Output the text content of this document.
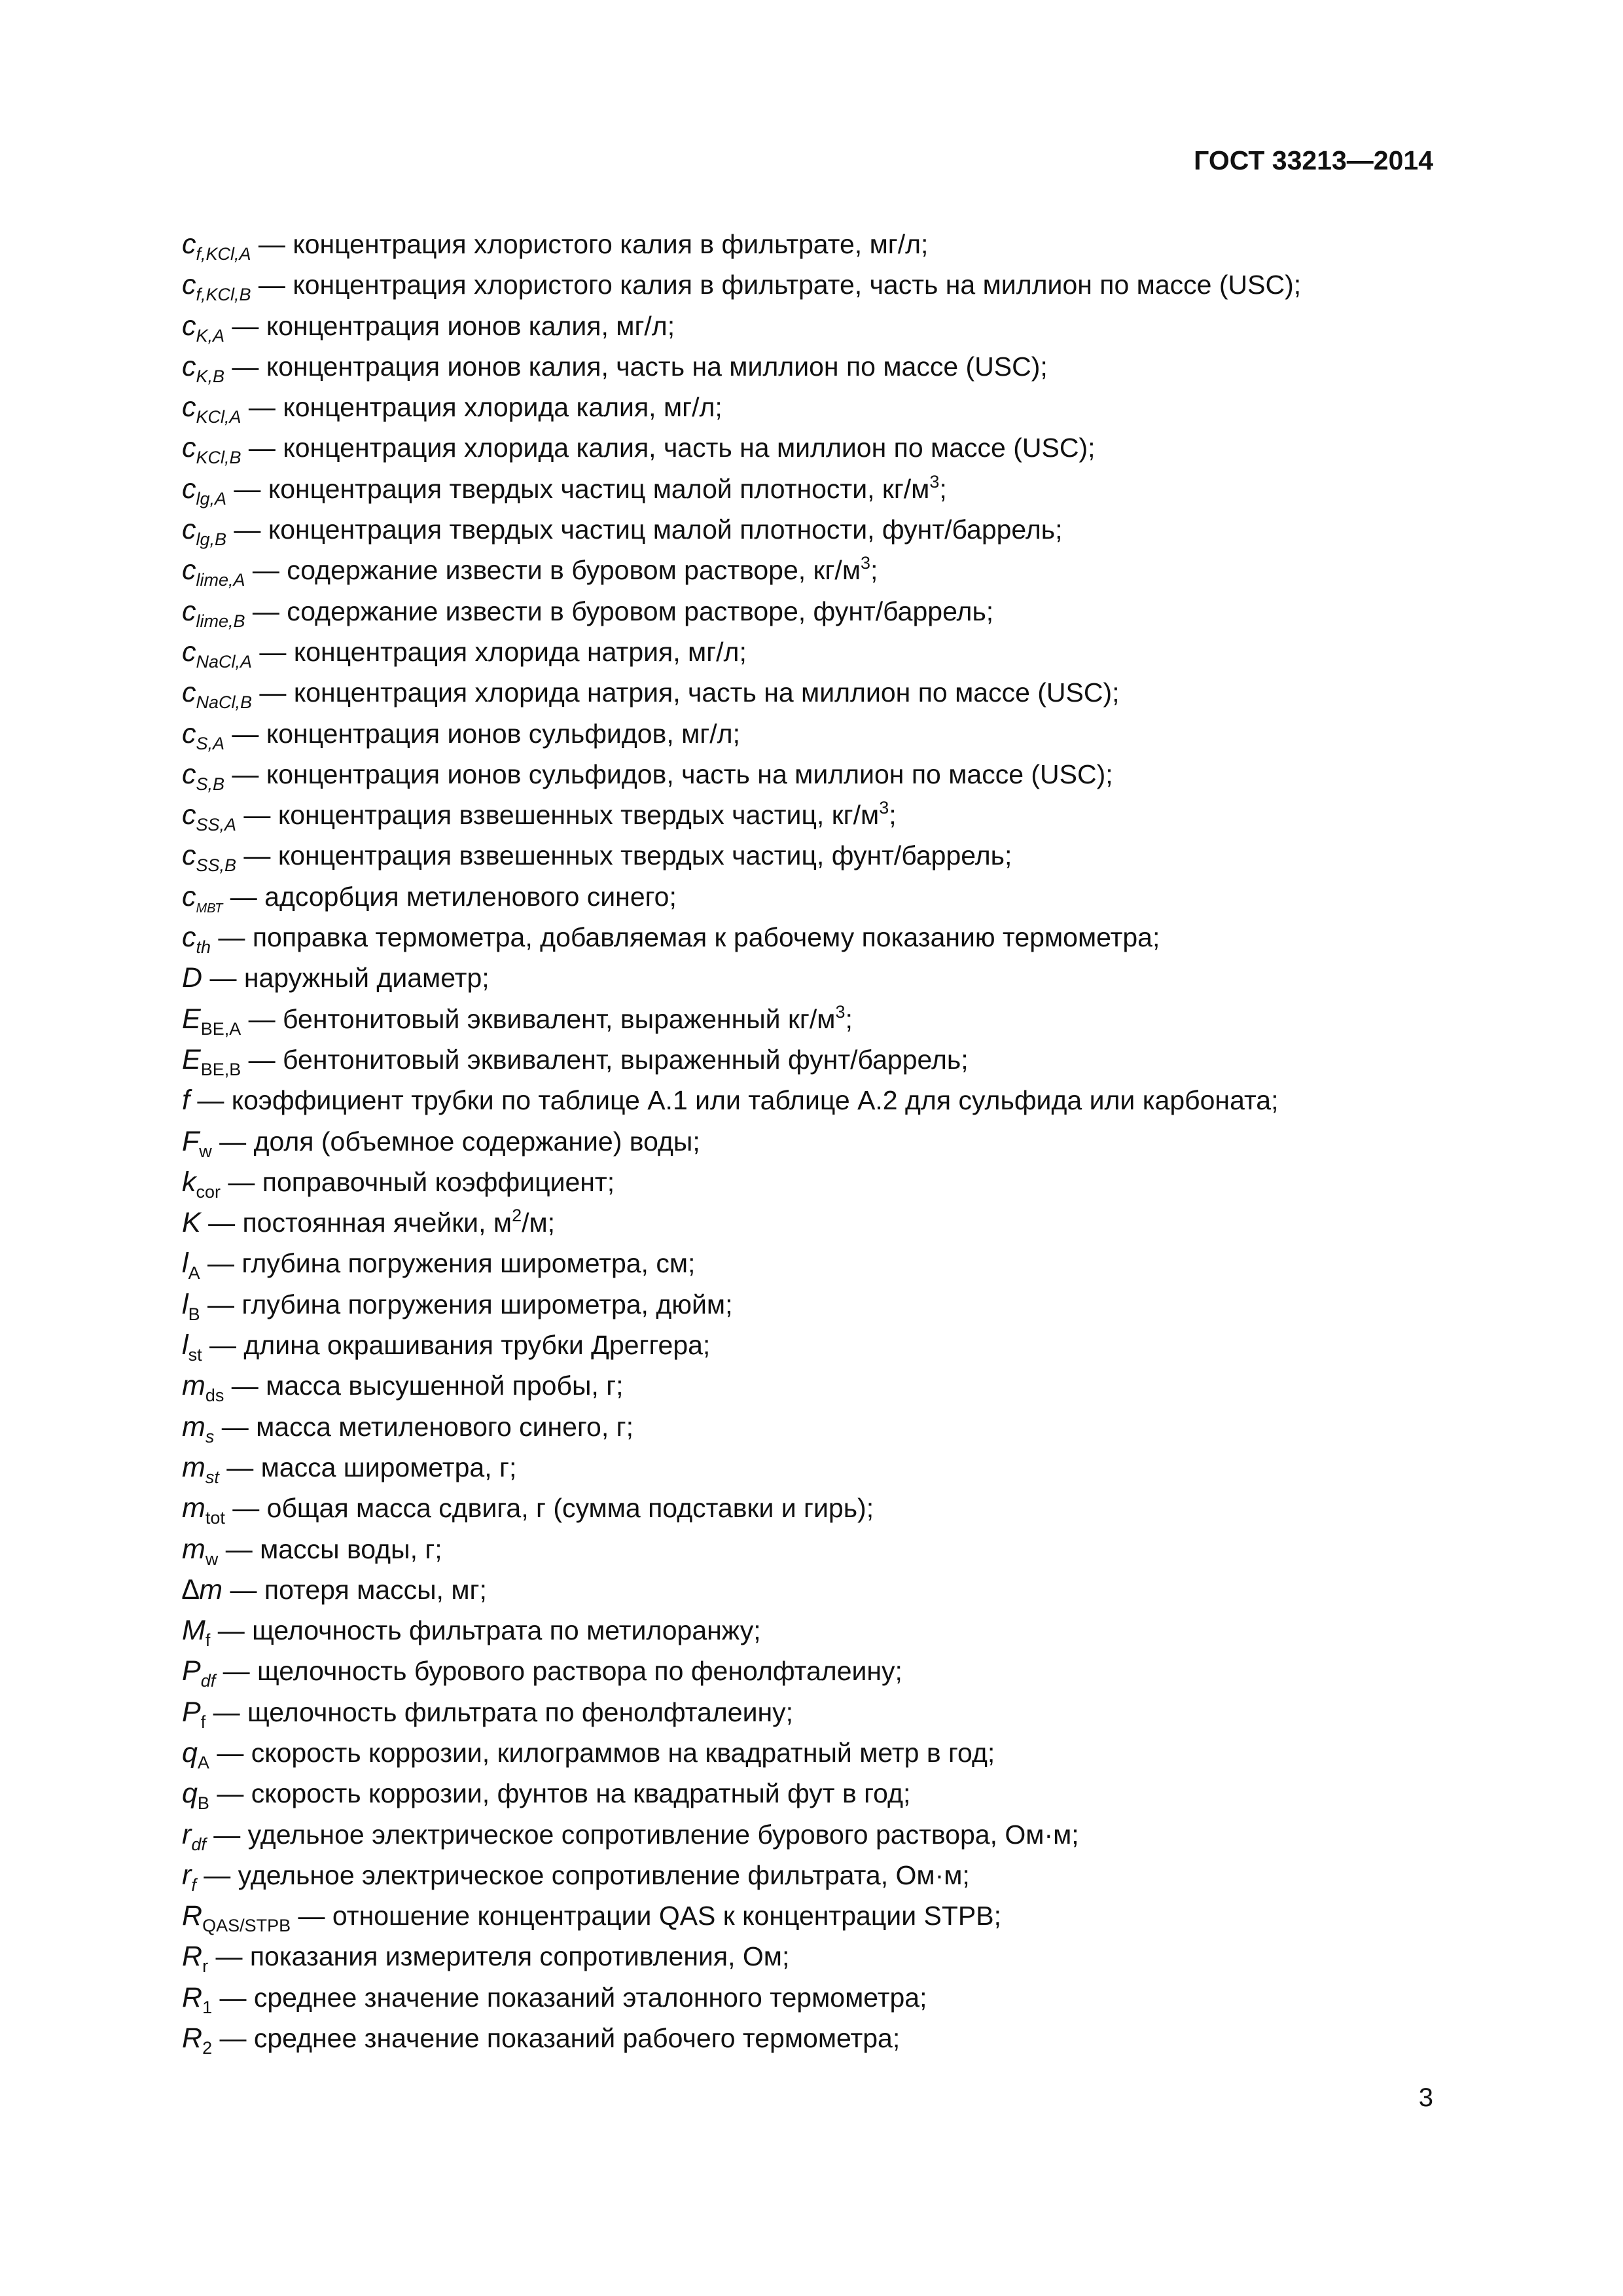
ГОСТ 33213—2014
$c_{f,KCl,A}$ — концентрация хлористого калия в фильтрате, мг/л;
$c_{f,KCl,B}$ — концентрация хлористого калия в фильтрате, часть на миллион по массе (USC);
$c_{K,A}$ — концентрация ионов калия, мг/л;
$c_{K,B}$ — концентрация ионов калия, часть на миллион по массе (USC);
$c_{KCl,A}$ — концентрация хлорида калия, мг/л;
$c_{KCl,B}$ — концентрация хлорида калия, часть на миллион по массе (USC);
$c_{lg,A}$ — концентрация твердых частиц малой плотности, $кг/м^3$;
$c_{lg,B}$ — концентрация твердых частиц малой плотности, фунт/баррель;
$c_{lime,A}$ — содержание извести в буровом растворе, $кг/м^3$;
$c_{lime,B}$ — содержание извести в буровом растворе, фунт/баррель;
$c_{NaCl,A}$ — концентрация хлорида натрия, мг/л;
$c_{NaCl,B}$ — концентрация хлорида натрия, часть на миллион по массе (USC);
$c_{S,A}$ — концентрация ионов сульфидов, мг/л;
$c_{S,B}$ — концентрация ионов сульфидов, часть на миллион по массе (USC);
$c_{SS,A}$ — концентрация взвешенных твердых частиц, $кг/м^3$;
$c_{SS,B}$ — концентрация взвешенных твердых частиц, фунт/баррель;
$c_{МВТ}$ — адсорбция метиленового синего;
$c_{th}$ — поправка термометра, добавляемая к рабочему показанию термометра;
D — наружный диаметр;
$E_{BE,A}$ — бентонитовый эквивалент, выраженный $кг/м^3$;
$E_{BE,B}$ — бентонитовый эквивалент, выраженный фунт/баррель;
f — коэффициент трубки по таблице А.1 или таблице А.2 для сульфида или карбоната;
$F_w$ — доля (объемное содержание) воды;
$k_{cor}$ — поправочный коэффициент;
K — постоянная ячейки, $м^2/м$;
$l_A$ — глубина погружения широметра, см;
$l_B$ — глубина погружения широметра, дюйм;
$l_{st}$ — длина окрашивания трубки Дреггера;
$m_{ds}$ — масса высушенной пробы, г;
$m_s$ — масса метиленового синего, г;
$m_{st}$ — масса широметра, г;
$m_{tot}$ — общая масса сдвига, г (сумма подставки и гирь);
$m_w$ — массы воды, г;
∆m — потеря массы, мг;
$M_f$ — щелочность фильтрата по метилоранжу;
$P_{df}$ — щелочность бурового раствора по фенолфталеину;
$P_f$ — щелочность фильтрата по фенолфталеину;
$q_A$ — скорость коррозии, килограммов на квадратный метр в год;
$q_B$ — скорость коррозии, фунтов на квадратный фут в год;
$r_{df}$ — удельное электрическое сопротивление бурового раствора, Ом·м;
$r_f$ — удельное электрическое сопротивление фильтрата, Ом·м;
$R_{QAS/STPB}$ — отношение концентрации QAS к концентрации STPB;
$R_r$ — показания измерителя сопротивления, Ом;
$R_1$ — среднее значение показаний эталонного термометра;
$R_2$ — среднее значение показаний рабочего термометра;
3
